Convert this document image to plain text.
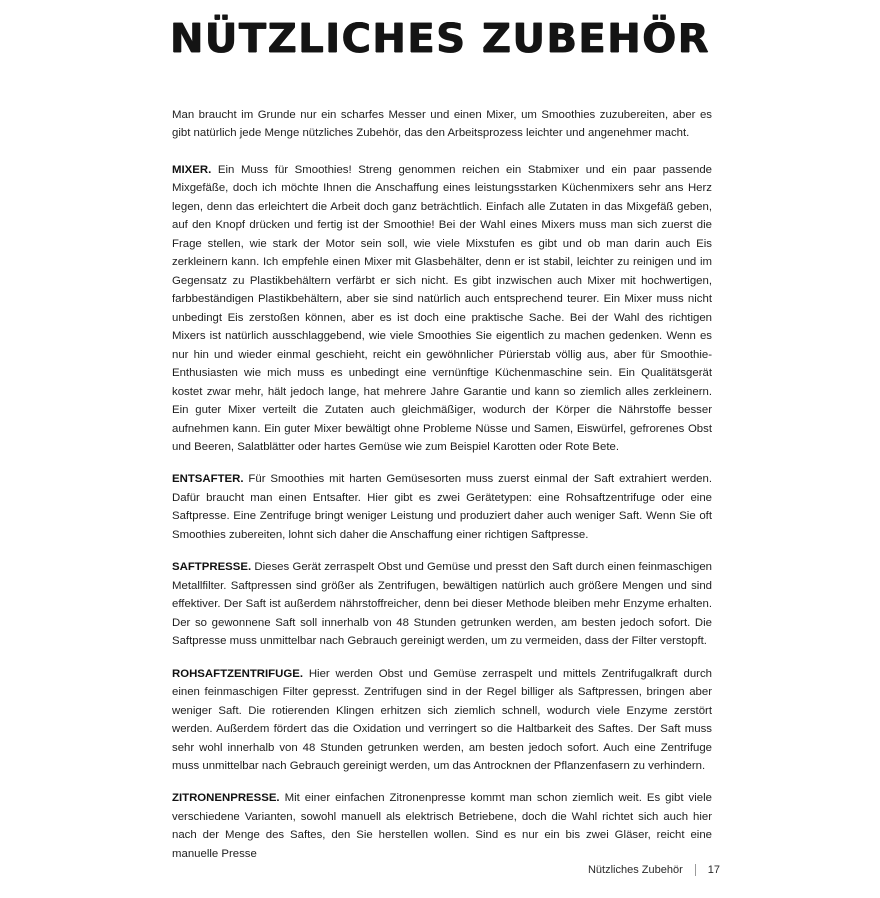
NÜTZLICHES ZUBEHÖR

Man braucht im Grunde nur ein scharfes Messer und einen Mixer, um Smoothies zuzubereiten, aber es gibt natürlich jede Menge nützliches Zubehör, das den Arbeitsprozess leichter und angenehmer macht.

MIXER. Ein Muss für Smoothies! Streng genommen reichen ein Stabmixer und ein paar passende Mixgefäße, doch ich möchte Ihnen die Anschaffung eines leistungsstarken Küchenmixers sehr ans Herz legen, denn das erleichtert die Arbeit doch ganz beträchtlich. Einfach alle Zutaten in das Mixgefäß geben, auf den Knopf drücken und fertig ist der Smoothie! Bei der Wahl eines Mixers muss man sich zuerst die Frage stellen, wie stark der Motor sein soll, wie viele Mixstufen es gibt und ob man darin auch Eis zerkleinern kann. Ich empfehle einen Mixer mit Glasbehälter, denn er ist stabil, leichter zu reinigen und im Gegensatz zu Plastikbehältern verfärbt er sich nicht. Es gibt inzwischen auch Mixer mit hochwertigen, farbbeständigen Plastikbehältern, aber sie sind natürlich auch entsprechend teurer. Ein Mixer muss nicht unbedingt Eis zerstoßen können, aber es ist doch eine praktische Sache. Bei der Wahl des richtigen Mixers ist natürlich ausschlaggebend, wie viele Smoothies Sie eigentlich zu machen gedenken. Wenn es nur hin und wieder einmal geschieht, reicht ein gewöhnlicher Pürierstab völlig aus, aber für Smoothie-Enthusiasten wie mich muss es unbedingt eine vernünftige Küchenmaschine sein. Ein Qualitätsgerät kostet zwar mehr, hält jedoch lange, hat mehrere Jahre Garantie und kann so ziemlich alles zerkleinern. Ein guter Mixer verteilt die Zutaten auch gleichmäßiger, wodurch der Körper die Nährstoffe besser aufnehmen kann. Ein guter Mixer bewältigt ohne Probleme Nüsse und Samen, Eiswürfel, gefrorenes Obst und Beeren, Salatblätter oder hartes Gemüse wie zum Beispiel Karotten oder Rote Bete.

ENTSAFTER. Für Smoothies mit harten Gemüsesorten muss zuerst einmal der Saft extrahiert werden. Dafür braucht man einen Entsafter. Hier gibt es zwei Gerätetypen: eine Rohsaftzentrifuge oder eine Saftpresse. Eine Zentrifuge bringt weniger Leistung und produziert daher auch weniger Saft. Wenn Sie oft Smoothies zubereiten, lohnt sich daher die Anschaffung einer richtigen Saftpresse.

SAFTPRESSE. Dieses Gerät zerraspelt Obst und Gemüse und presst den Saft durch einen feinmaschigen Metallfilter. Saftpressen sind größer als Zentrifugen, bewältigen natürlich auch größere Mengen und sind effektiver. Der Saft ist außerdem nährstoffreicher, denn bei dieser Methode bleiben mehr Enzyme erhalten. Der so gewonnene Saft soll innerhalb von 48 Stunden getrunken werden, am besten jedoch sofort. Die Saftpresse muss unmittelbar nach Gebrauch gereinigt werden, um zu vermeiden, dass der Filter verstopft.

ROHSAFTZENTRIFUGE. Hier werden Obst und Gemüse zerraspelt und mittels Zentrifugalkraft durch einen feinmaschigen Filter gepresst. Zentrifugen sind in der Regel billiger als Saftpressen, bringen aber weniger Saft. Die rotierenden Klingen erhitzen sich ziemlich schnell, wodurch viele Enzyme zerstört werden. Außerdem fördert das die Oxidation und verringert so die Haltbarkeit des Saftes. Der Saft muss sehr wohl innerhalb von 48 Stunden getrunken werden, am besten jedoch sofort. Auch eine Zentrifuge muss unmittelbar nach Gebrauch gereinigt werden, um das Antrocknen der Pflanzenfasern zu verhindern.

ZITRONENPRESSE. Mit einer einfachen Zitronenpresse kommt man schon ziemlich weit. Es gibt viele verschiedene Varianten, sowohl manuell als elektrisch Betriebene, doch die Wahl richtet sich auch hier nach der Menge des Saftes, den Sie herstellen wollen. Sind es nur ein bis zwei Gläser, reicht eine manuelle Presse

Nützliches Zubehör 17
